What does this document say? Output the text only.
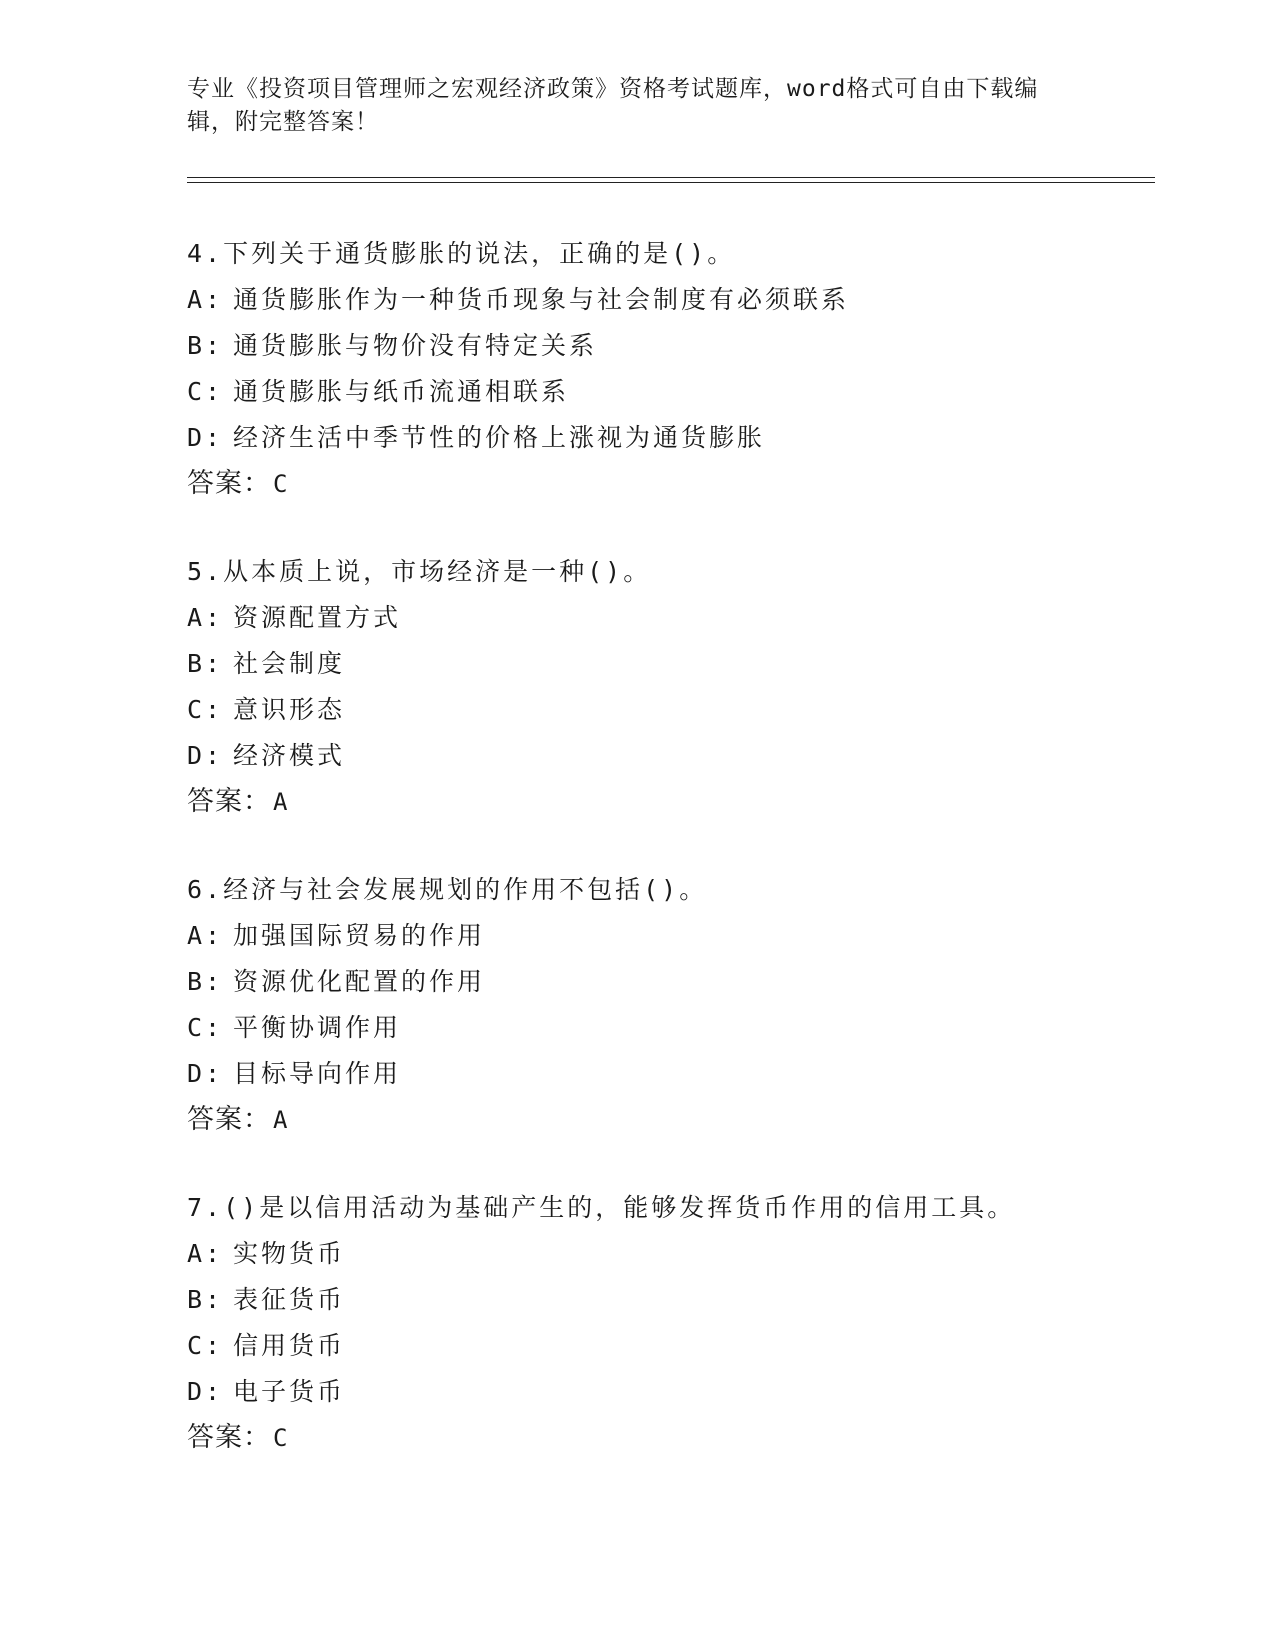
专业《投资项目管理师之宏观经济政策》资格考试题库，word格式可自由下载编
辑，附完整答案！
4.下列关于通货膨胀的说法，正确的是()。
A: 通货膨胀作为一种货币现象与社会制度有必须联系
B: 通货膨胀与物价没有特定关系
C: 通货膨胀与纸币流通相联系
D: 经济生活中季节性的价格上涨视为通货膨胀
答案：C
5.从本质上说，市场经济是一种()。
A: 资源配置方式
B: 社会制度
C: 意识形态
D: 经济模式
答案：A
6.经济与社会发展规划的作用不包括()。
A: 加强国际贸易的作用
B: 资源优化配置的作用
C: 平衡协调作用
D: 目标导向作用
答案：A
7.()是以信用活动为基础产生的，能够发挥货币作用的信用工具。
A: 实物货币
B: 表征货币
C: 信用货币
D: 电子货币
答案：C
